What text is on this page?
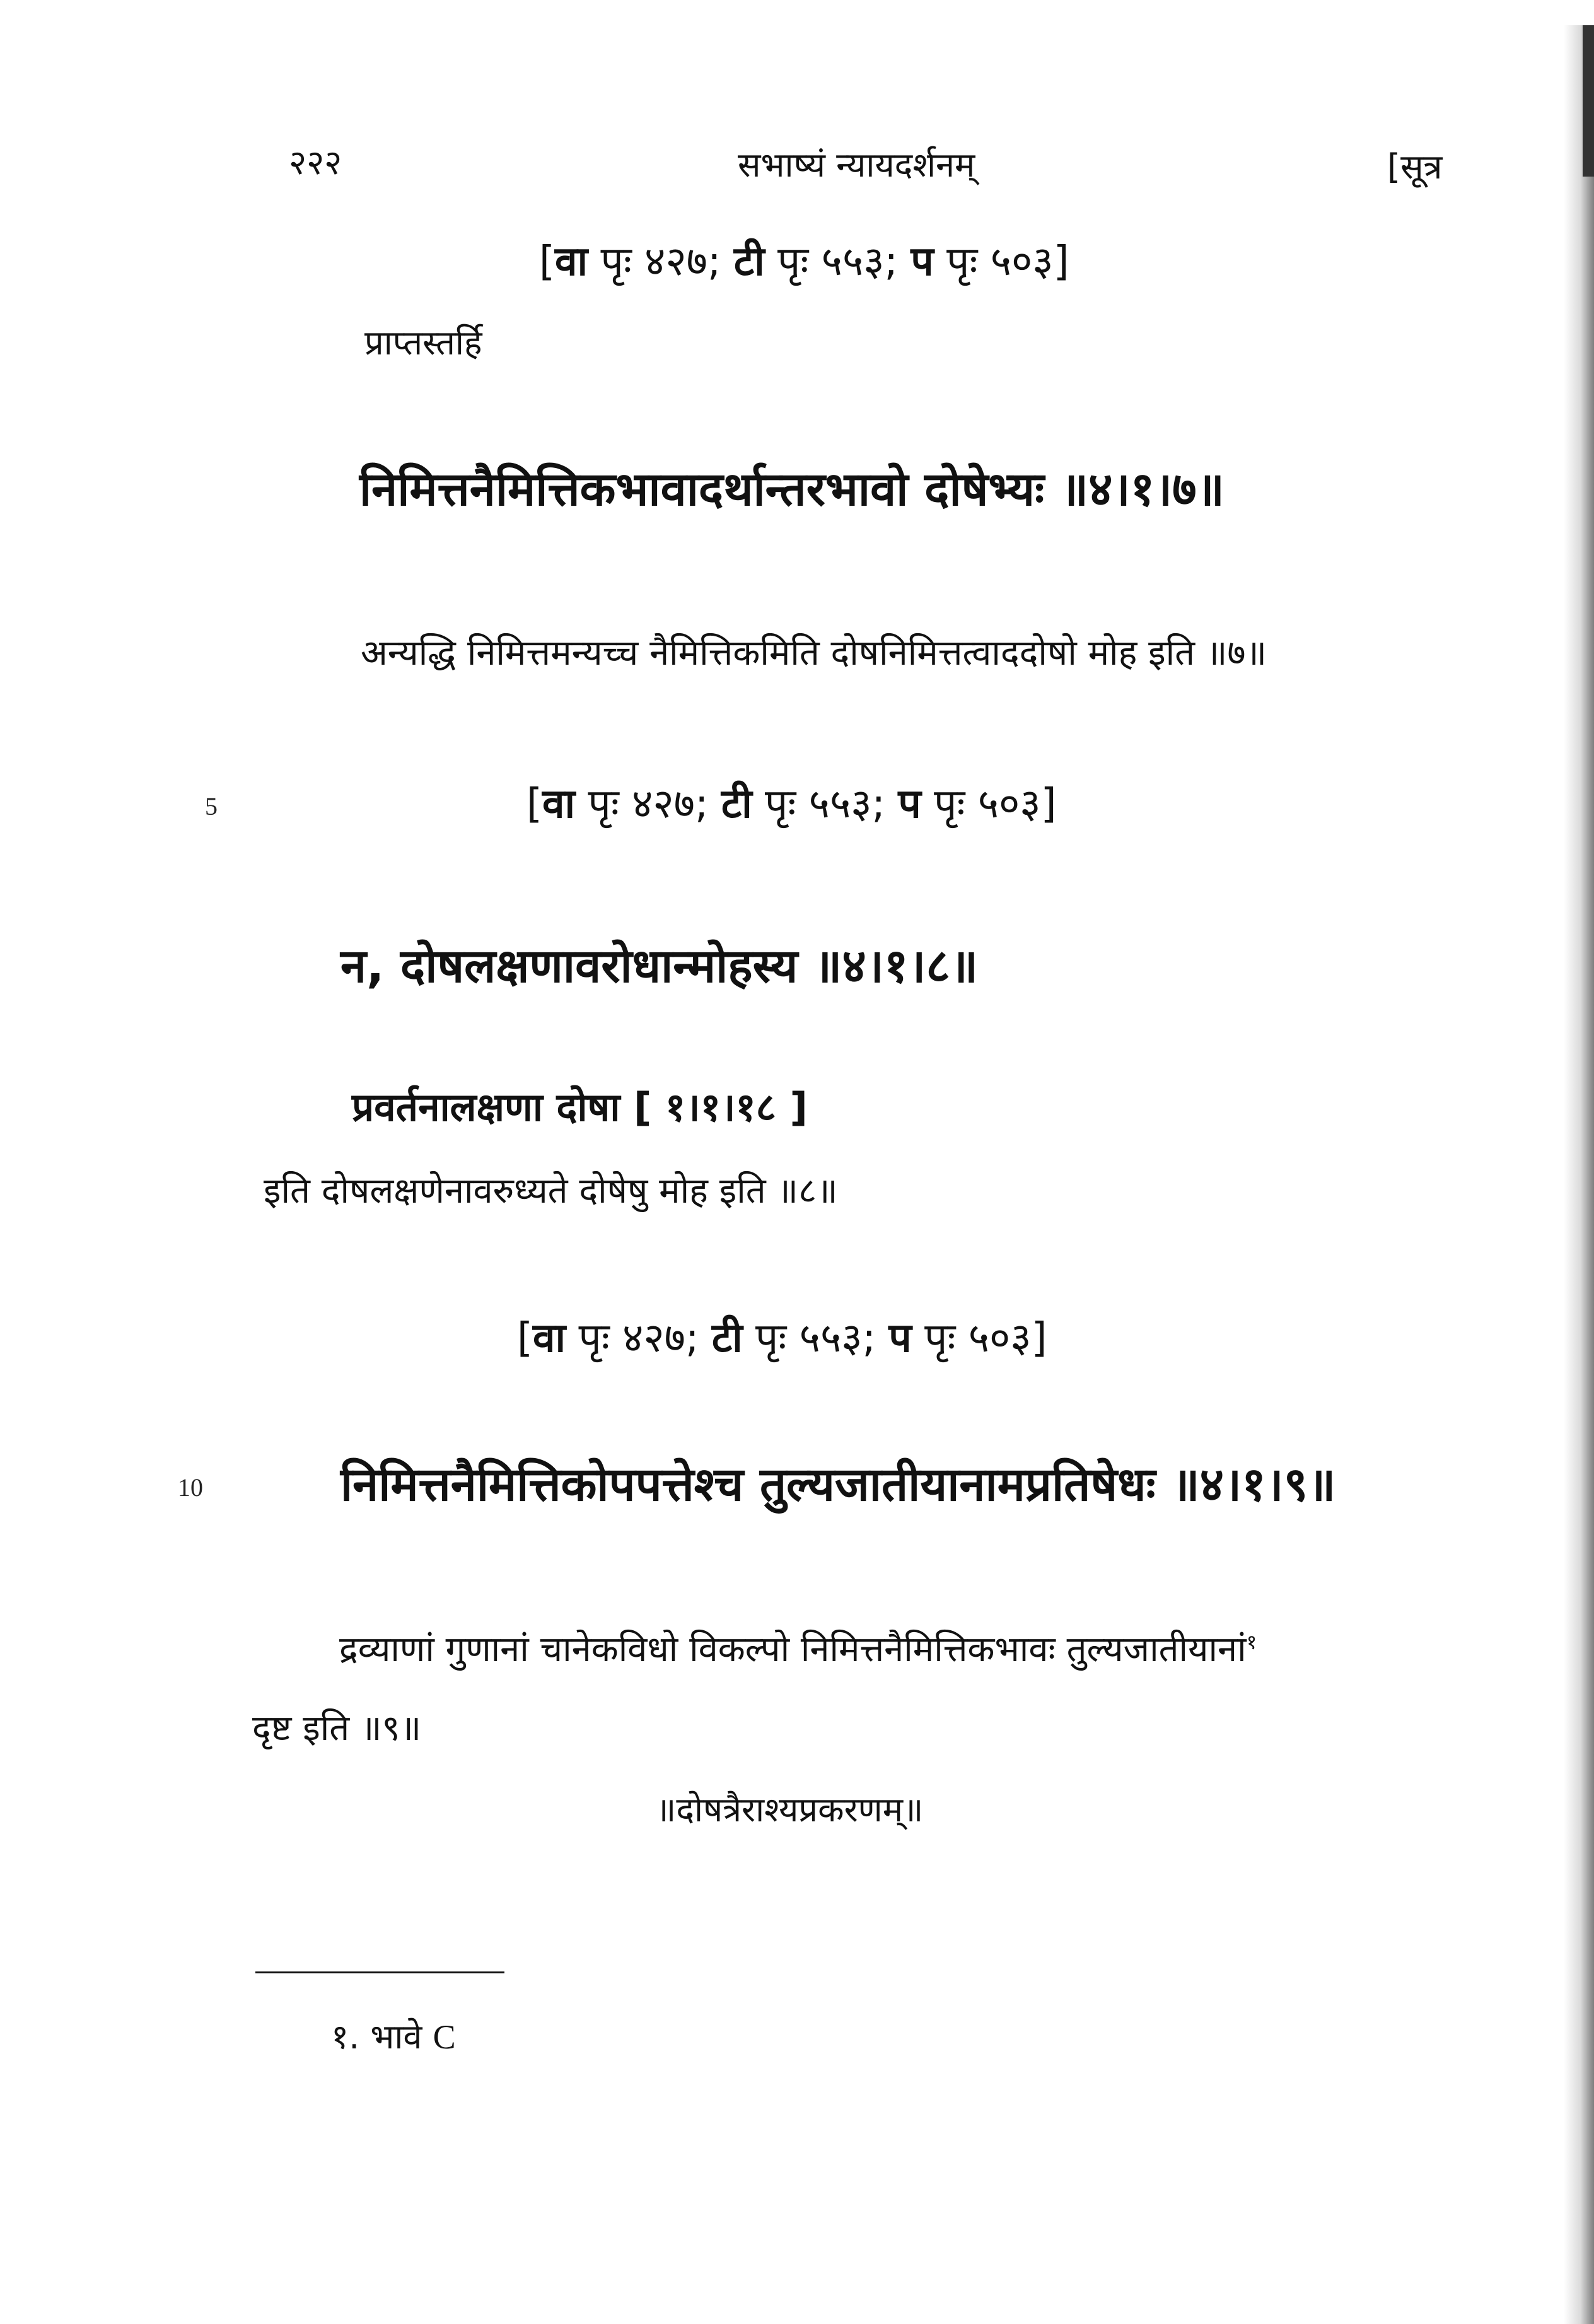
२२२	सभाष्यं न्यायदर्शनम्	[सूत्र
[वा पृः ४२७; टी पृः ५५३; प पृः ५०३]
प्राप्तस्तर्हि
निमित्तनैमित्तिकभावादर्थान्तरभावो दोषेभ्यः ॥४।१।७॥
अन्यद्धि निमित्तमन्यच्च नैमित्तिकमिति दोषनिमित्तत्वाददोषो मोह इति ॥७॥
5	[वा पृः ४२७; टी पृः ५५३; प पृः ५०३]
न, दोषलक्षणावरोधान्मोहस्य ॥४।१।८॥
प्रवर्तनालक्षणा दोषा [ १।१।१८ ]
इति दोषलक्षणेनावरुध्यते दोषेषु मोह इति ॥८॥
[वा पृः ४२७; टी पृः ५५३; प पृः ५०३]
10	निमित्तनैमित्तिकोपपत्तेश्च तुल्यजातीयानामप्रतिषेधः ॥४।१।९॥
द्रव्याणां गुणानां चानेकविधो विकल्पो निमित्तनैमित्तिकभावः तुल्यजातीयानां$^१$
दृष्ट इति ॥९॥
॥दोषत्रैराश्यप्रकरणम्॥
१. भावे C
